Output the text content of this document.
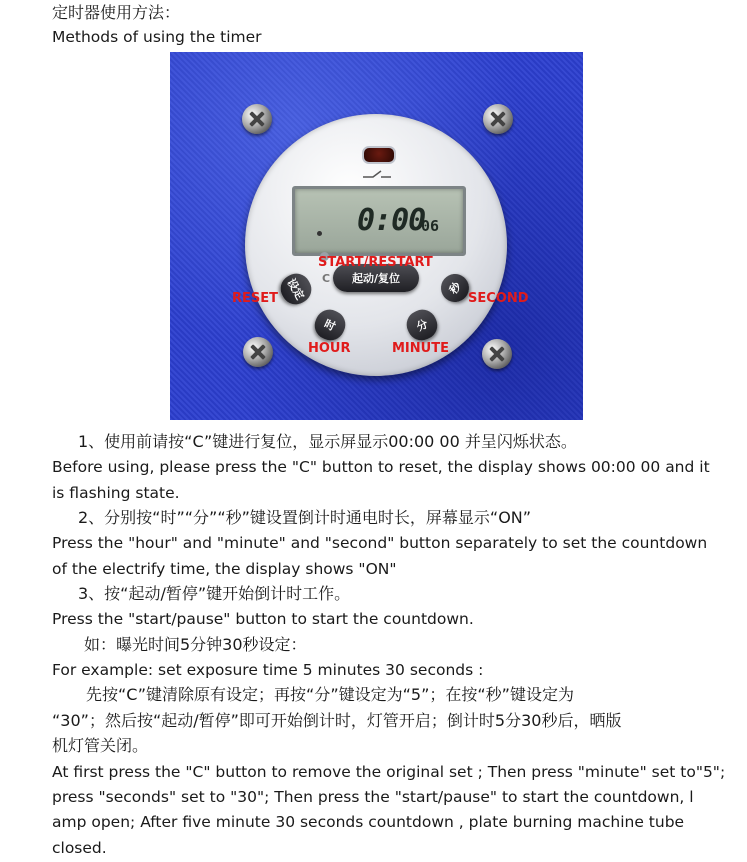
定时器使用方法：
Methods of using the timer
0:00
06
C	起动/复位
设定	秒
时	分
START/RESTART
RESET	SECOND
HOUR	MINUTE
1、使用前请按“C”键进行复位，显示屏显示00:00 00 并呈闪烁状态。
Before using, please press the "C" button to reset, the display shows 00:00 00 and it
is flashing state.
2、分别按“时”“分”“秒”键设置倒计时通电时长，屏幕显示“ON”
Press the "hour" and "minute" and "second" button separately to set the countdown
of the electrify time, the display shows "ON"
3、按“起动/暂停”键开始倒计时工作。
Press the "start/pause" button to start the countdown.
如：曝光时间5分钟30秒设定：
For example: set exposure time 5 minutes 30 seconds :
先按“C”键清除原有设定；再按“分”键设定为“5”；在按“秒”键设定为
“30”；然后按“起动/暂停”即可开始倒计时，灯管开启；倒计时5分30秒后，晒版
机灯管关闭。
At first press the "C" button to remove the original set ; Then press "minute" set to"5";
press "seconds" set to "30"; Then press the "start/pause" to start the countdown, l
amp open; After five minute 30 seconds countdown , plate burning machine tube
closed.
